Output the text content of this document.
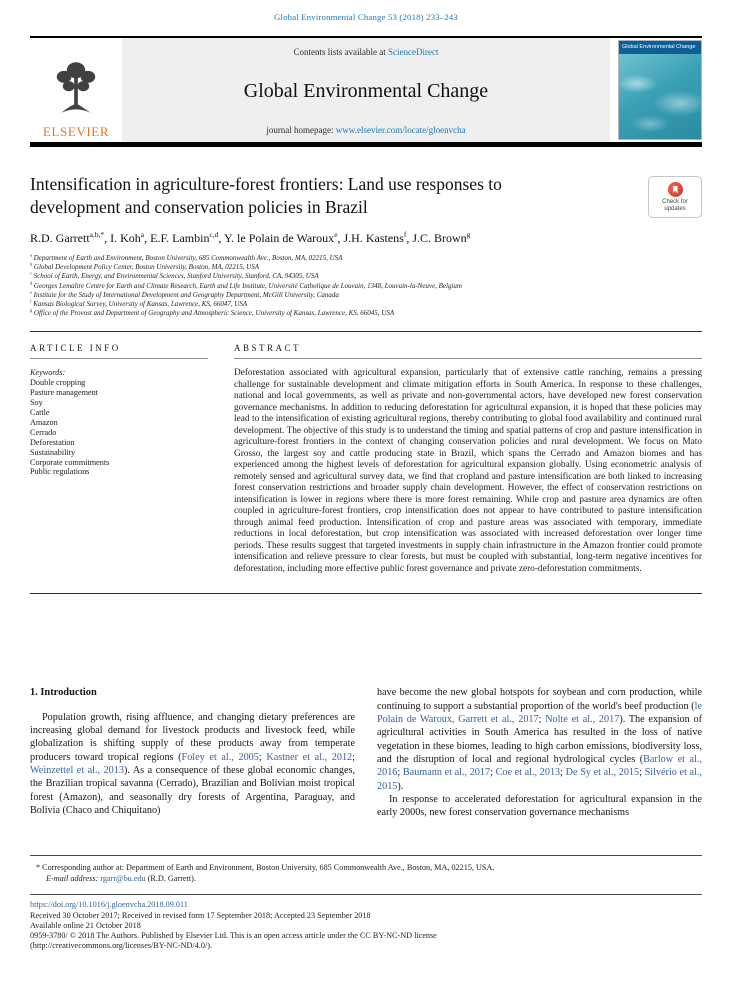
Global Environmental Change 53 (2018) 233–243
ELSEVIER
Contents lists available at ScienceDirect
Global Environmental Change
journal homepage: www.elsevier.com/locate/gloenvcha
Global Environmental Change
Intensification in agriculture-forest frontiers: Land use responses to
development and conservation policies in Brazil	Check for
updates
R.D. Garrett$^{a,b,*}$, I. Koh$^a$, E.F. Lambin$^{c,d}$, Y. le Polain de Waroux$^e$, J.H. Kastens$^f$, J.C. Brown$^g$
$^a$ Department of Earth and Environment, Boston University, 685 Commonwealth Ave., Boston, MA, 02215, USA
$^b$ Global Development Policy Center, Boston University, Boston, MA, 02215, USA
$^c$ School of Earth, Energy, and Environmental Sciences, Stanford University, Stanford, CA, 94305, USA
$^d$ Georges Lemaître Centre for Earth and Climate Research, Earth and Life Institute, Université Catholique de Louvain, 1348, Louvain-la-Neuve, Belgium
$^e$ Institute for the Study of International Development and Geography Department, McGill University, Canada
$^f$ Kansas Biological Survey, University of Kansas, Lawrence, KS, 66047, USA
$^g$ Office of the Provost and Department of Geography and Atmospheric Science, University of Kansas, Lawrence, KS, 66045, USA
ARTICLE INFO
Keywords:
Double cropping
Pasture management
Soy
Cattle
Amazon
Cerrado
Deforestation
Sustainability
Corporate commitments
Public regulations
ABSTRACT
Deforestation associated with agricultural expansion, particularly that of extensive cattle ranching, remains a pressing challenge for sustainable development and climate mitigation efforts in South America. In response to these challenges, national and local governments, as well as private and non-governmental actors, have developed new forest conservation governance mechanisms. In addition to reducing deforestation for agricultural expansion, it is hoped that these policies may lead to the intensification of existing agricultural regions, thereby contributing to global food availability and continued rural development. The objective of this study is to understand the timing and spatial patterns of crop and pasture intensification in agriculture-forest frontiers in the context of changing conservation policies and rural development. We focus on Mato Grosso, the largest soy and cattle producing state in Brazil, which spans the Cerrado and Amazon biomes and has experienced among the highest levels of deforestation for agricultural expansion globally. Using econometric analysis of remotely sensed and agricultural survey data, we find that cropland and pasture intensification are both linked to increasing forest conservation restrictions and broader supply chain development. However, the effect of conservation restrictions on intensification is lower in regions where there is more forest remaining. While crop and pasture area dynamics are often coupled in agriculture-forest frontiers, crop intensification does not appear to have contributed to pasture intensification through animal feed production. Intensification of crop and pasture areas was associated with temporary, immediate reductions in local deforestation, but crop intensification was associated with increased deforestation over longer time periods. These results suggest that targeted investments in supply chain infrastructure in the Amazon frontier could promote intensification and relieve pressure to clear forests, but must be coupled with substantial, long-term negative incentives for deforestation, including more effective public forest governance and private zero-deforestation commitments.
1. Introduction

Population growth, rising affluence, and changing dietary preferences are increasing global demand for livestock products and livestock feed, while globalization is shifting supply of these products away from temperate producers toward tropical regions (Foley et al., 2005; Kastner et al., 2012; Weinzettel et al., 2013). As a consequence of these global economic changes, the Brazilian tropical savanna (Cerrado), Brazilian and Bolivian moist tropical forest (Amazon), and seasonally dry forests of Argentina, Paraguay, and Bolivia (Chaco and Chiquitano)

have become the new global hotspots for soybean and corn production, while continuing to support a substantial proportion of the world's beef production (le Polain de Waroux, Garrett et al., 2017; Nolte et al., 2017). The expansion of agricultural activities in South America has resulted in the loss of native vegetation in these biomes, leading to high carbon emissions, biodiversity loss, and the disruption of local and regional hydrological cycles (Barlow et al., 2016; Baumann et al., 2017; Coe et al., 2013; De Sy et al., 2015; Silvério et al., 2015).

In response to accelerated deforestation for agricultural expansion in the early 2000s, new forest conservation governance mechanisms

* Corresponding author at: Department of Earth and Environment, Boston University, 685 Commonwealth Ave., Boston, MA, 02215, USA.
E-mail address: rgarr@bu.edu (R.D. Garrett).
https://doi.org/10.1016/j.gloenvcha.2018.09.011
Received 30 October 2017; Received in revised form 17 September 2018; Accepted 23 September 2018
Available online 21 October 2018
0959-3780/ © 2018 The Authors. Published by Elsevier Ltd. This is an open access article under the CC BY-NC-ND license
(http://creativecommons.org/licenses/BY-NC-ND/4.0/).
